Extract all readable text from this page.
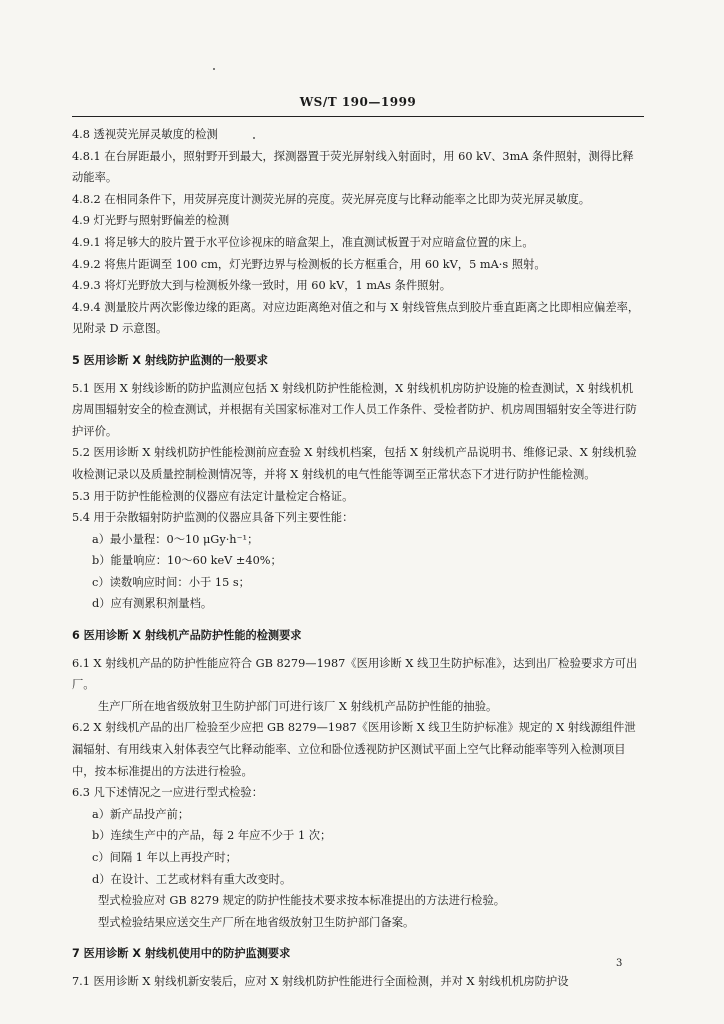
WS/T 190—1999

4.8 透视荧光屏灵敏度的检测

4.8.1 在台屏距最小，照射野开到最大，探测器置于荧光屏射线入射面时，用 60 kV、3mA 条件照射，测得比释动能率。

4.8.2 在相同条件下，用荧屏亮度计测荧光屏的亮度。荧光屏亮度与比释动能率之比即为荧光屏灵敏度。

4.9 灯光野与照射野偏差的检测

4.9.1 将足够大的胶片置于水平位诊视床的暗盒架上，准直测试板置于对应暗盒位置的床上。

4.9.2 将焦片距调至 100 cm，灯光野边界与检测板的长方框重合，用 60 kV，5 mA·s 照射。

4.9.3 将灯光野放大到与检测板外缘一致时，用 60 kV，1 mAs 条件照射。

4.9.4 测量胶片两次影像边缘的距离。对应边距离绝对值之和与 X 射线管焦点到胶片垂直距离之比即相应偏差率，见附录 D 示意图。

5 医用诊断 X 射线防护监测的一般要求

5.1 医用 X 射线诊断的防护监测应包括 X 射线机防护性能检测，X 射线机机房防护设施的检查测试，X 射线机机房周围辐射安全的检查测试，并根据有关国家标准对工作人员工作条件、受检者防护、机房周围辐射安全等进行防护评价。

5.2 医用诊断 X 射线机防护性能检测前应查验 X 射线机档案，包括 X 射线机产品说明书、维修记录、X 射线机验收检测记录以及质量控制检测情况等，并将 X 射线机的电气性能等调至正常状态下才进行防护性能检测。

5.3 用于防护性能检测的仪器应有法定计量检定合格证。

5.4 用于杂散辐射防护监测的仪器应具备下列主要性能：

a）最小量程：0～10 μGy·h⁻¹；

b）能量响应：10～60 keV ±40%；

c）读数响应时间：小于 15 s；

d）应有测累积剂量档。

6 医用诊断 X 射线机产品防护性能的检测要求

6.1 X 射线机产品的防护性能应符合 GB 8279—1987《医用诊断 X 线卫生防护标准》，达到出厂检验要求方可出厂。

生产厂所在地省级放射卫生防护部门可进行该厂 X 射线机产品防护性能的抽验。

6.2 X 射线机产品的出厂检验至少应把 GB 8279—1987《医用诊断 X 线卫生防护标准》规定的 X 射线源组件泄漏辐射、有用线束入射体表空气比释动能率、立位和卧位透视防护区测试平面上空气比释动能率等列入检测项目中，按本标准提出的方法进行检验。

6.3 凡下述情况之一应进行型式检验：

a）新产品投产前；

b）连续生产中的产品，每 2 年应不少于 1 次；

c）间隔 1 年以上再投产时；

d）在设计、工艺或材料有重大改变时。

型式检验应对 GB 8279 规定的防护性能技术要求按本标准提出的方法进行检验。

型式检验结果应送交生产厂所在地省级放射卫生防护部门备案。

7 医用诊断 X 射线机使用中的防护监测要求

7.1 医用诊断 X 射线机新安装后，应对 X 射线机防护性能进行全面检测，并对 X 射线机机房防护设

3
